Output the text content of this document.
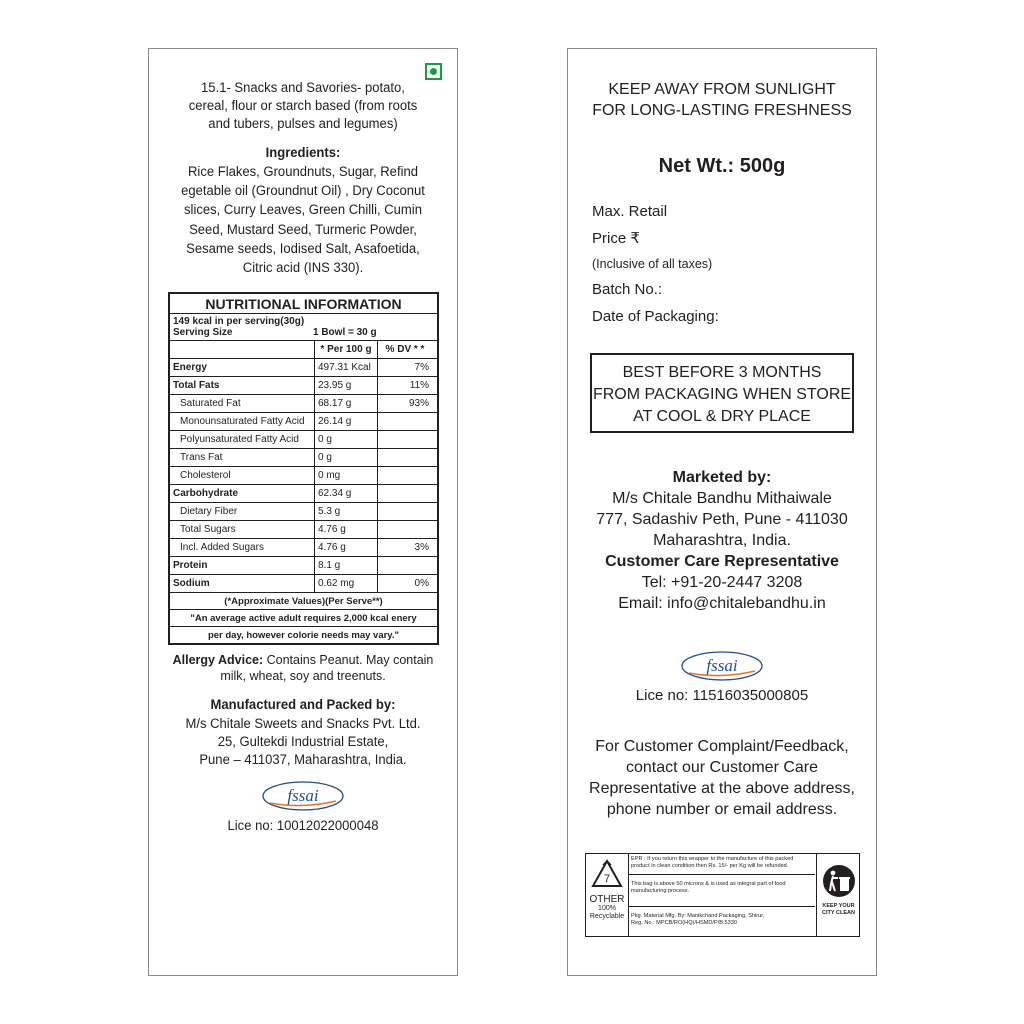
15.1- Snacks and Savories- potato,
cereal, flour or starch based (from roots
and tubers, pulses and legumes)
Ingredients:
Rice Flakes, Groundnuts, Sugar, Refind
egetable oil (Groundnut Oil) , Dry Coconut
slices, Curry Leaves, Green Chilli, Cumin
Seed, Mustard Seed, Turmeric Powder,
Sesame seeds, Iodised Salt, Asafoetida,
Citric acid (INS 330).
NUTRITIONAL INFORMATION		

149 kcal in per serving(30g)
Serving Size 1 Bowl = 30 g		

	* Per 100 g	% DV * *
Energy	497.31 Kcal	7%
Total Fats	23.95 g	11%
Saturated Fat	68.17 g	93%
Monounsaturated Fatty Acid	26.14 g	
Polyunsaturated Fatty Acid	0 g	
Trans Fat	0 g	
Cholesterol	0 mg	
Carbohydrate	62.34 g	
Dietary Fiber	5.3 g	
Total Sugars	4.76 g	
Incl. Added Sugars	4.76 g	3%
Protein	8.1 g	
Sodium	0.62 mg	0%
(*Approximate Values)(Per Serve**)		
"An average active adult requires 2,000 kcal enery		
per day, however colorie needs may vary."		
Allergy Advice: Contains Peanut. May contain
milk, wheat, soy and treenuts.
Manufactured and Packed by:
M/s Chitale Sweets and Snacks Pvt. Ltd.
25, Gultekdi Industrial Estate,
Pune – 411037, Maharashtra, India.
fssai
Lice no: 10012022000048
KEEP AWAY FROM SUNLIGHT
FOR LONG-LASTING FRESHNESS
Net Wt.: 500g
Max. Retail
Price ₹
(Inclusive of all taxes)
Batch No.:
Date of Packaging:
BEST BEFORE 3 MONTHS
FROM PACKAGING WHEN STORE
AT COOL & DRY PLACE
Marketed by:
M/s Chitale Bandhu Mithaiwale
777, Sadashiv Peth, Pune - 411030
Maharashtra, India.
Customer Care Representative
Tel: +91-20-2447 3208
Email: info@chitalebandhu.in
fssai
Lice no: 11516035000805
For Customer Complaint/Feedback,
contact our Customer Care
Representative at the above address,
phone number or email address.
7
OTHER
100%
Recyclable
EPR : If you return this wrapper to the manufacture of this packed
product in clean condition then Rs. 15/- per Kg will be refunded.
This bag is above 50 microns & is used as integral part of food
manufacturing process.
Pkg. Material Mfg. By: Manikchand Packaging, Shirur,
Reg. No.: MPCB/RO(HQ)/HSMD/P/B:5330
KEEP YOUR
CITY CLEAN
